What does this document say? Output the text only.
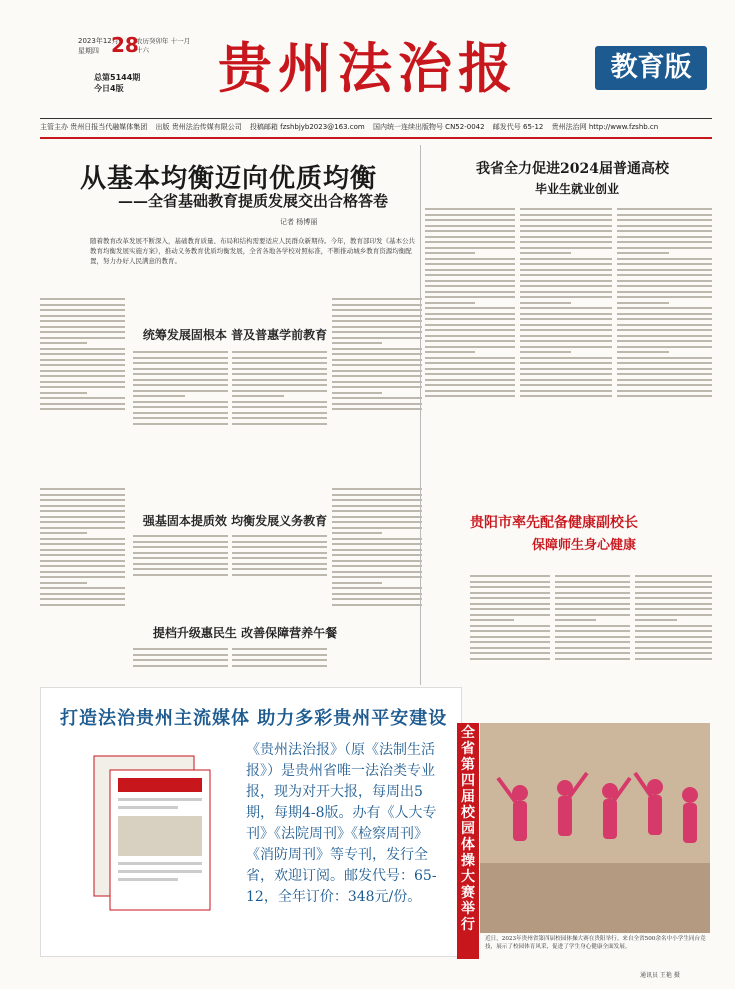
2023年12月
星期四 28
农历癸卯年 十一月十六	贵州法治报	教育版
总第5144期
今日4版
主管主办 贵州日报当代融媒体集团 出版 贵州法治传媒有限公司 投稿邮箱 fzshbjyb2023@163.com 国内统一连续出版物号 CN52-0042 邮发代号 65-12 贵州法治网 http://www.fzshb.cn
从基本均衡迈向优质均衡
——全省基础教育提质发展交出合格答卷
记者 杨博丽
随着教育改革发展不断深入，基础教育质量、布局和结构需要适应人民群众新期待。今年，教育部印发《基本公共教育均衡发展实施方案》，推动义务教育优质均衡发展，全省各地各学校对照标准，不断推动城乡教育资源均衡配置，努力办好人民满意的教育。
统筹发展固根本 普及普惠学前教育
强基固本提质效 均衡发展义务教育
提档升级惠民生 改善保障营养午餐
我省全力促进2024届普通高校
毕业生就业创业
贵阳市率先配备健康副校长
保障师生身心健康
打造法治贵州主流媒体 助力多彩贵州平安建设
《贵州法治报》（原《法制生活报》）是贵州省唯一法治类专业报，现为对开大报，每周出5期，每期4-8版。办有《人大专刊》《法院周刊》《检察周刊》《消防周刊》等专刊，发行全省，欢迎订阅。邮发代号：65-12，全年订价：348元/份。
全省第四届校园体操大赛举行
近日，2023年贵州省第四届校园体操大赛在贵阳举行。来自全省500余名中小学生同台竞技，展示了校园体育风采，促进了学生身心健康全面发展。
通讯员 王艳 摄
